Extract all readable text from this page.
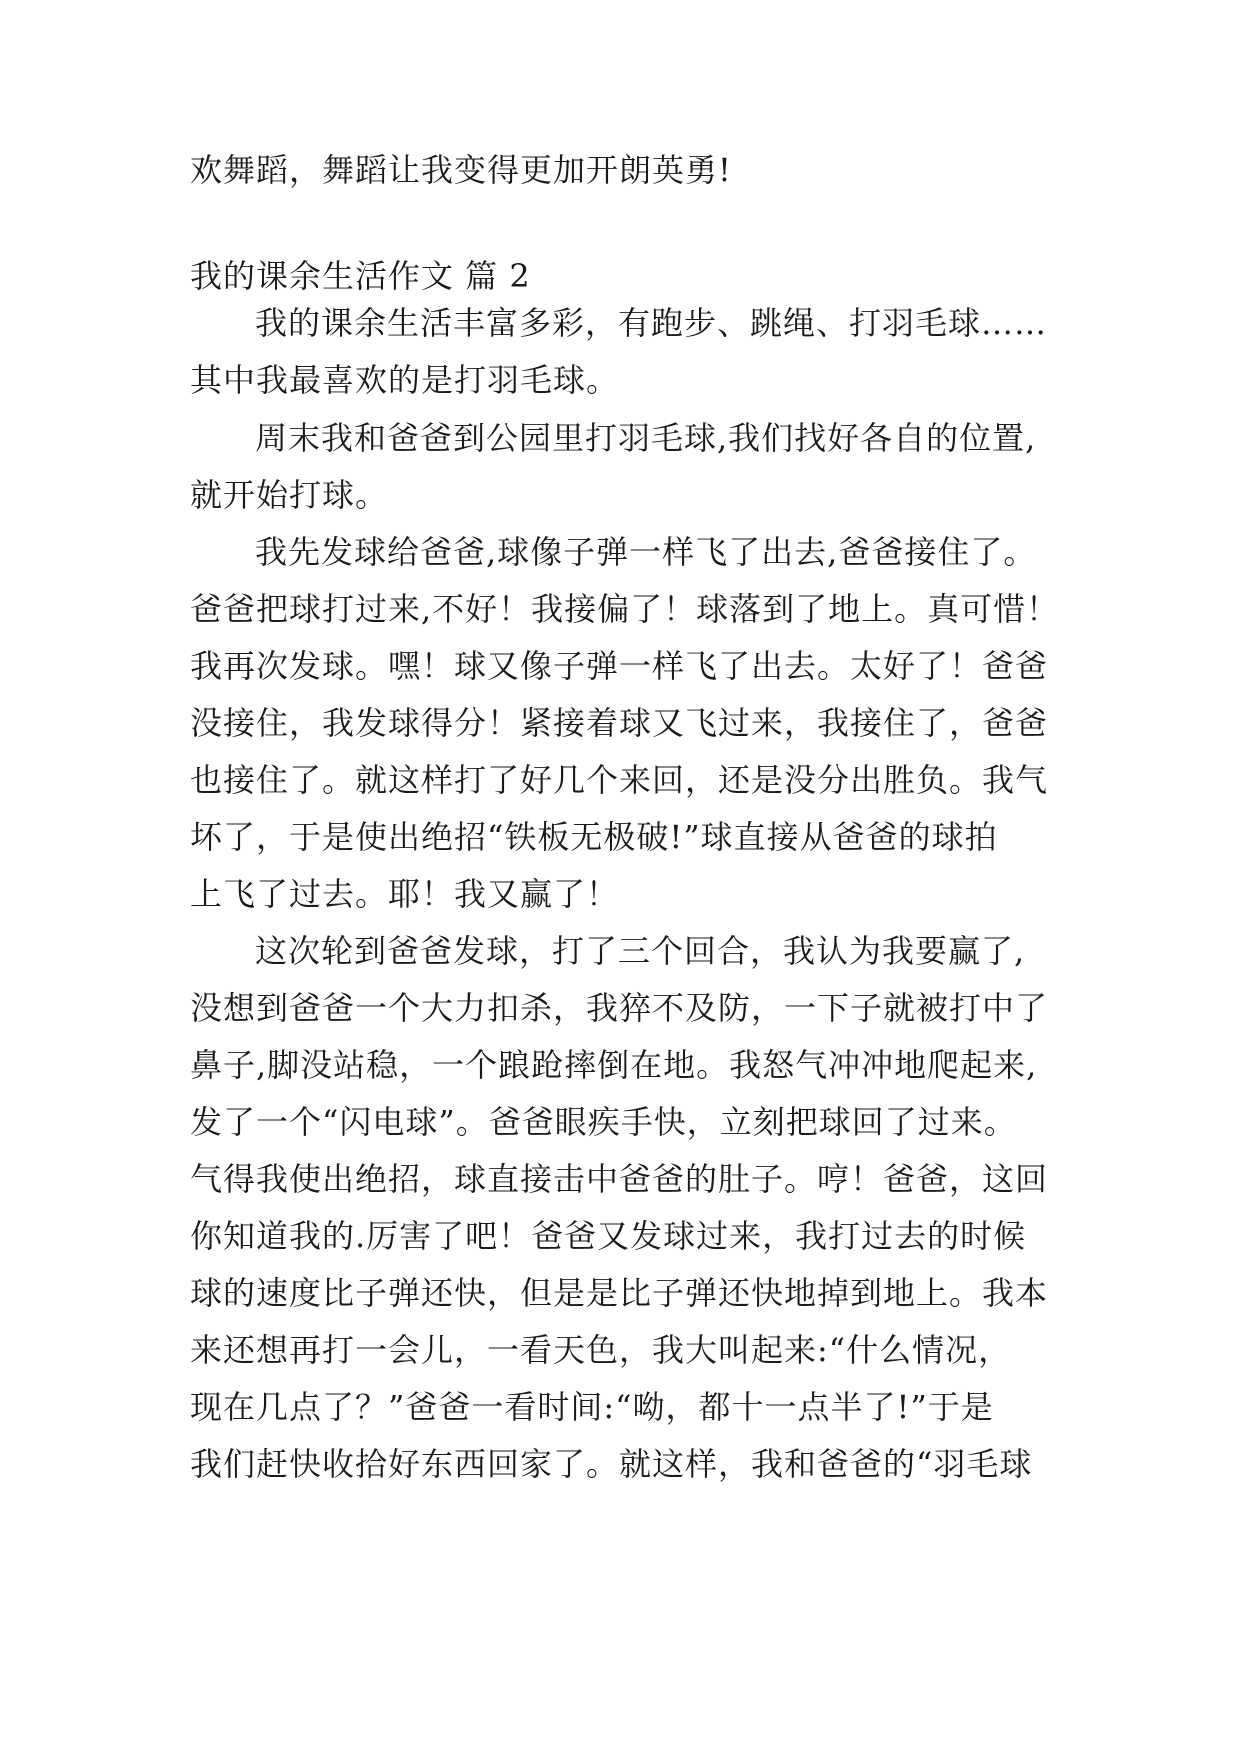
欢舞蹈，舞蹈让我变得更加开朗英勇!
我的课余生活作文 篇 2
我的课余生活丰富多彩，有跑步、跳绳、打羽毛球……
其中我最喜欢的是打羽毛球。
周末我和爸爸到公园里打羽毛球,我们找好各自的位置,
就开始打球。
我先发球给爸爸,球像子弹一样飞了出去,爸爸接住了。
爸爸把球打过来,不好！我接偏了！球落到了地上。真可惜！
我再次发球。嘿！球又像子弹一样飞了出去。太好了！爸爸
没接住，我发球得分！紧接着球又飞过来，我接住了，爸爸
也接住了。就这样打了好几个来回，还是没分出胜负。我气
坏了，于是使出绝招“铁板无极破!”球直接从爸爸的球拍
上飞了过去。耶！我又赢了！
这次轮到爸爸发球，打了三个回合，我认为我要赢了,
没想到爸爸一个大力扣杀，我猝不及防，一下子就被打中了
鼻子,脚没站稳，一个踉跄摔倒在地。我怒气冲冲地爬起来,
发了一个“闪电球”。爸爸眼疾手快，立刻把球回了过来。
气得我使出绝招，球直接击中爸爸的肚子。哼！爸爸，这回
你知道我的.厉害了吧！爸爸又发球过来，我打过去的时候
球的速度比子弹还快，但是是比子弹还快地掉到地上。我本
来还想再打一会儿，一看天色，我大叫起来:“什么情况，
现在几点了？”爸爸一看时间:“呦，都十一点半了!”于是
我们赶快收拾好东西回家了。就这样，我和爸爸的“羽毛球
